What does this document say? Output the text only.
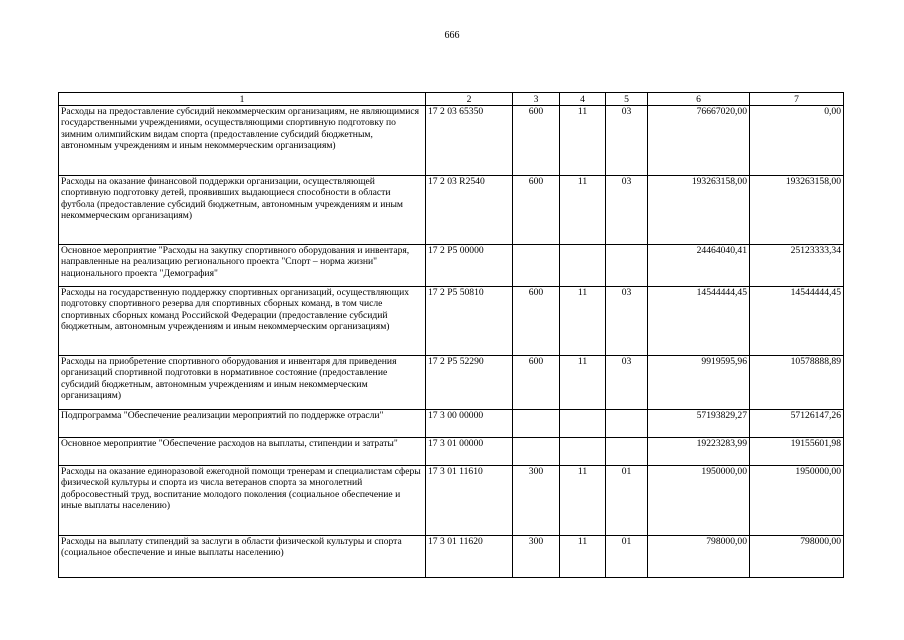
666
1	2	3	4	5	6	7
Расходы на предоставление субсидий некоммерческим организациям, не являющимися государственными учреждениями, осуществляющими спортивную подготовку по зимним олимпийским видам спорта (предоставление субсидий бюджетным, автономным учреждениям и иным некоммерческим организациям)	17 2 03 65350	600	11	03	76667020,00	0,00
Расходы на оказание финансовой поддержки организации, осуществляющей спортивную подготовку детей, проявивших выдающиеся способности в области футбола (предоставление субсидий бюджетным, автономным учреждениям и иным некоммерческим организациям)	17 2 03 R2540	600	11	03	193263158,00	193263158,00
Основное мероприятие "Расходы на закупку спортивного оборудования и инвентаря, направленные на реализацию регионального проекта "Спорт – норма жизни" национального проекта "Демография"	17 2 P5 00000				24464040,41	25123333,34
Расходы на государственную поддержку спортивных организаций, осуществляющих подготовку спортивного резерва для спортивных сборных команд, в том числе спортивных сборных команд Российской Федерации (предоставление субсидий бюджетным, автономным учреждениям и иным некоммерческим организациям)	17 2 P5 50810	600	11	03	14544444,45	14544444,45
Расходы на приобретение спортивного оборудования и инвентаря для приведения организаций спортивной подготовки в нормативное состояние (предоставление субсидий бюджетным, автономным учреждениям и иным некоммерческим организациям)	17 2 P5 52290	600	11	03	9919595,96	10578888,89
Подпрограмма "Обеспечение реализации мероприятий по поддержке отрасли"	17 3 00 00000				57193829,27	57126147,26
Основное мероприятие "Обеспечение расходов на выплаты, стипендии и затраты"	17 3 01 00000				19223283,99	19155601,98
Расходы на оказание единоразовой ежегодной помощи тренерам и специалистам сферы физической культуры и спорта из числа ветеранов спорта за многолетний добросовестный труд, воспитание молодого поколения (социальное обеспечение и иные выплаты населению)	17 3 01 11610	300	11	01	1950000,00	1950000,00
Расходы на выплату стипендий за заслуги в области физической культуры и спорта (социальное обеспечение и иные выплаты населению)	17 3 01 11620	300	11	01	798000,00	798000,00
